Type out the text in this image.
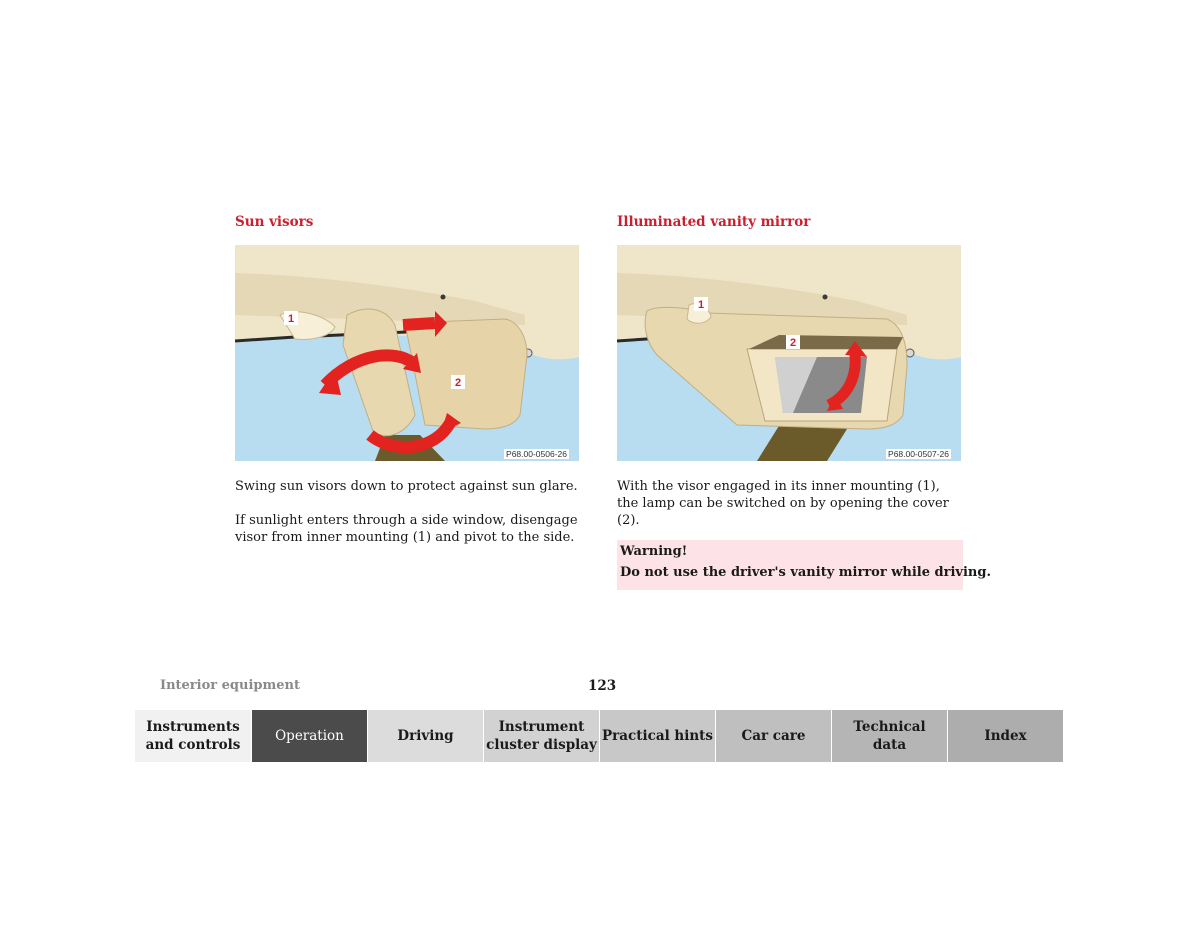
Sun visors
1
2
P68.00-0506-26

Swing sun visors down to protect against sun glare.

If sunlight enters through a side window, disengage visor from inner mounting (1) and pivot to the side.

Illuminated vanity mirror
1
2
P68.00-0507-26

With the visor engaged in its inner mounting (1), the lamp can be switched on by opening the cover (2).

Warning!
Do not use the driver's vanity mirror while driving.
Interior equipment	123
Instruments
and controls
Operation	Driving
Instrument
cluster display
Practical hints	Car care
Technical
data
Index
